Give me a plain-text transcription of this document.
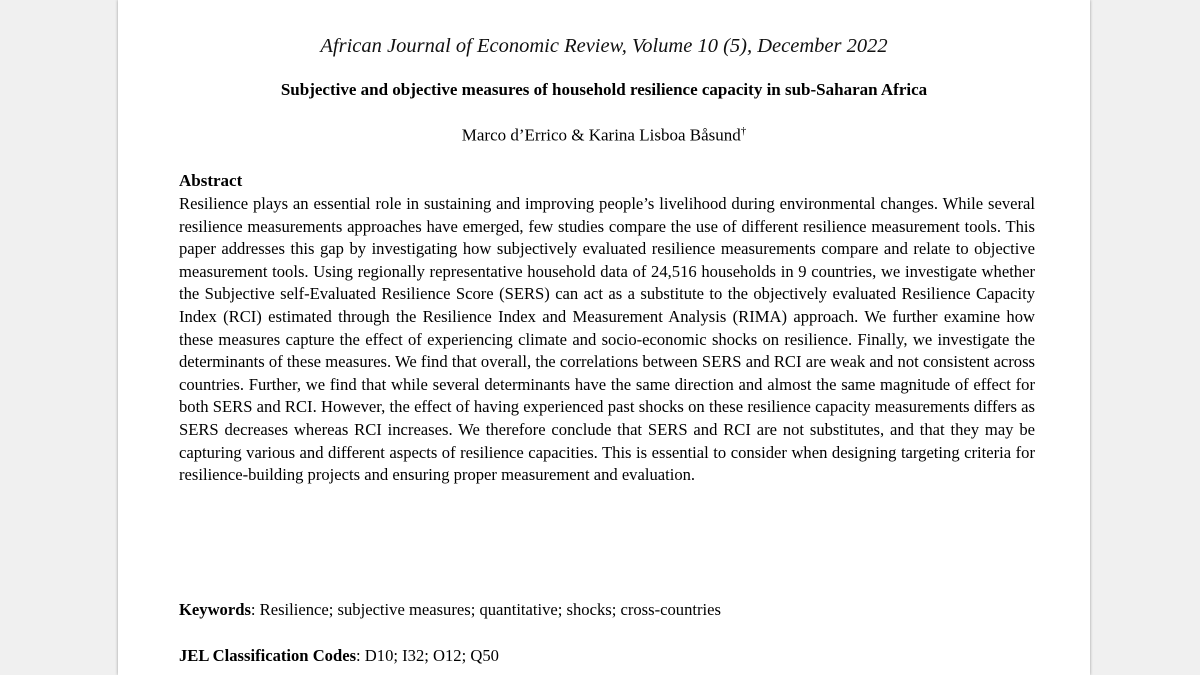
African Journal of Economic Review, Volume 10 (5), December 2022
Subjective and objective measures of household resilience capacity in sub-Saharan Africa
Marco d’Errico & Karina Lisboa Båsund†
Abstract

Resilience plays an essential role in sustaining and improving people’s livelihood during environmental changes. While several resilience measurements approaches have emerged, few studies compare the use of different resilience measurement tools. This paper addresses this gap by investigating how subjectively evaluated resilience measurements compare and relate to objective measurement tools. Using regionally representative household data of 24,516 households in 9 countries, we investigate whether the Subjective self-Evaluated Resilience Score (SERS) can act as a substitute to the objectively evaluated Resilience Capacity Index (RCI) estimated through the Resilience Index and Measurement Analysis (RIMA) approach. We further examine how these measures capture the effect of experiencing climate and socio-economic shocks on resilience. Finally, we investigate the determinants of these measures. We find that overall, the correlations between SERS and RCI are weak and not consistent across countries. Further, we find that while several determinants have the same direction and almost the same magnitude of effect for both SERS and RCI. However, the effect of having experienced past shocks on these resilience capacity measurements differs as SERS decreases whereas RCI increases. We therefore conclude that SERS and RCI are not substitutes, and that they may be capturing various and different aspects of resilience capacities. This is essential to consider when designing targeting criteria for resilience-building projects and ensuring proper measurement and evaluation.

Keywords: Resilience; subjective measures; quantitative; shocks; cross-countries
JEL Classification Codes: D10; I32; O12; Q50
